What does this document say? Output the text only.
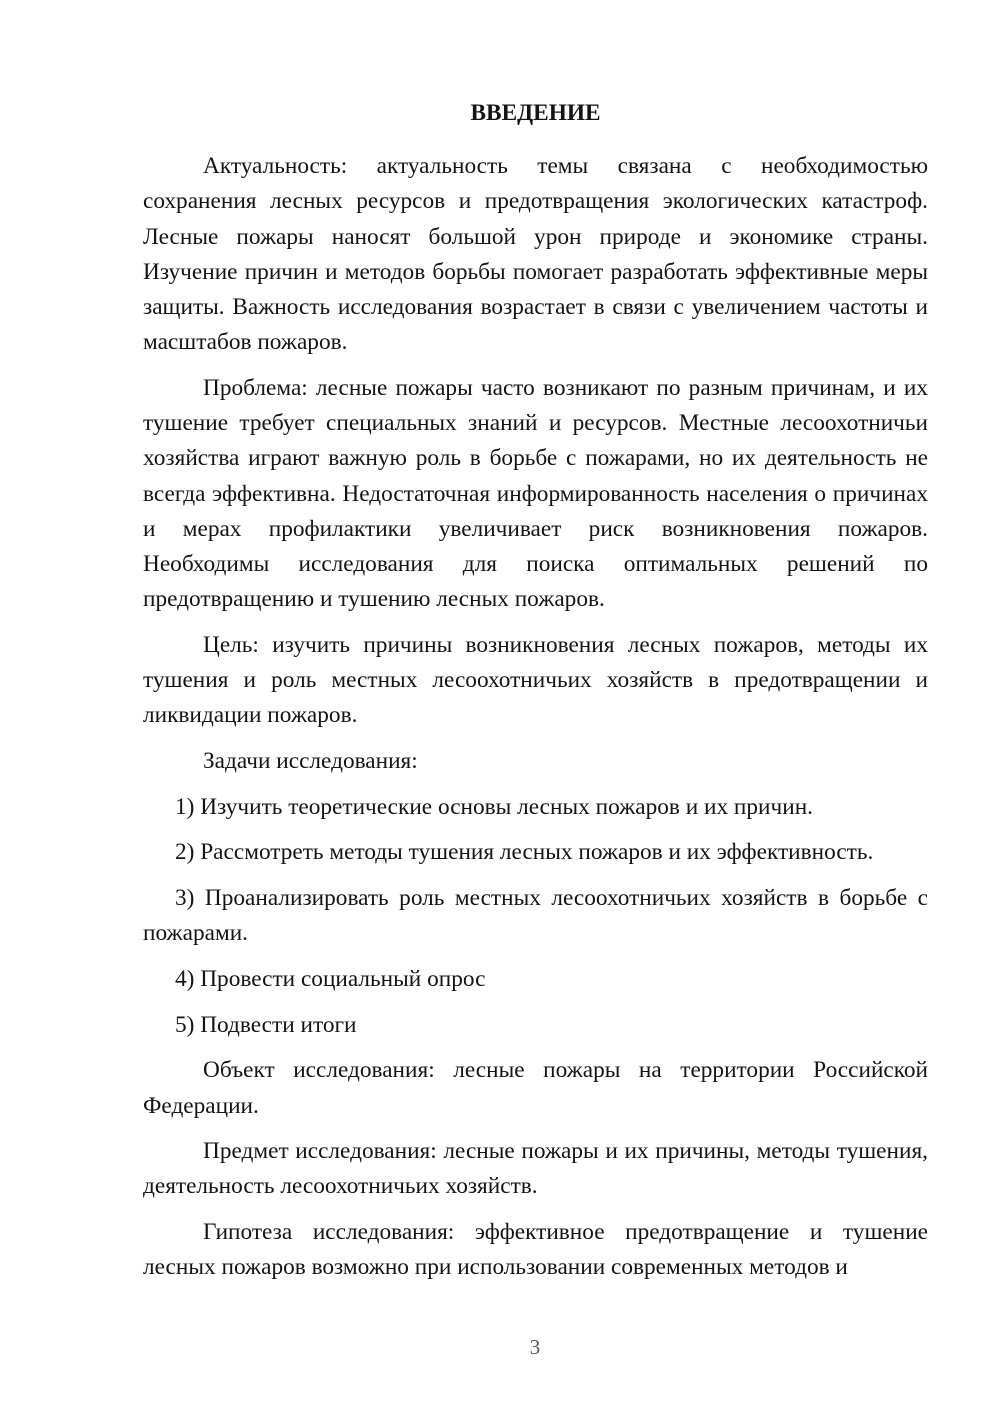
ВВЕДЕНИЕ

Актуальность: актуальность темы связана с необходимостью сохранения лесных ресурсов и предотвращения экологических катастроф. Лесные пожары наносят большой урон природе и экономике страны. Изучение причин и методов борьбы помогает разработать эффективные меры защиты. Важность исследования возрастает в связи с увеличением частоты и масштабов пожаров.

Проблема: лесные пожары часто возникают по разным причинам, и их тушение требует специальных знаний и ресурсов. Местные лесоохотничьи хозяйства играют важную роль в борьбе с пожарами, но их деятельность не всегда эффективна. Недостаточная информированность населения о причинах и мерах профилактики увеличивает риск возникновения пожаров. Необходимы исследования для поиска оптимальных решений по предотвращению и тушению лесных пожаров.

Цель: изучить причины возникновения лесных пожаров, методы их тушения и роль местных лесоохотничьих хозяйств в предотвращении и ликвидации пожаров.

Задачи исследования:

1) Изучить теоретические основы лесных пожаров и их причин.

2) Рассмотреть методы тушения лесных пожаров и их эффективность.

3) Проанализировать роль местных лесоохотничьих хозяйств в борьбе с пожарами.

4) Провести социальный опрос

5) Подвести итоги

Объект исследования: лесные пожары на территории Российской Федерации.

Предмет исследования: лесные пожары и их причины, методы тушения, деятельность лесоохотничьих хозяйств.

Гипотеза исследования: эффективное предотвращение и тушение лесных пожаров возможно при использовании современных методов и

3
